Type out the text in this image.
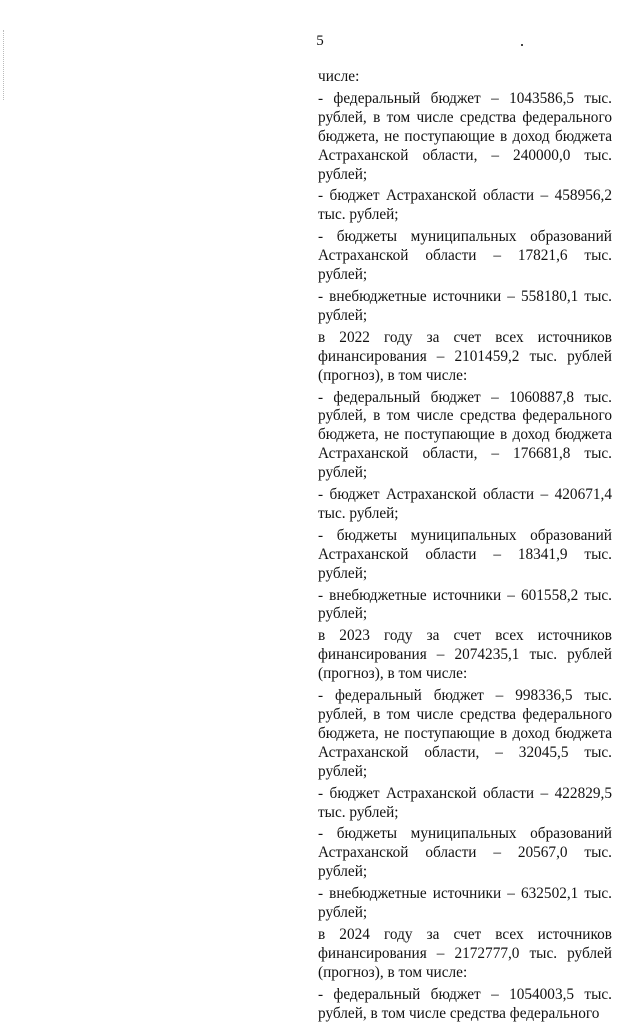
5

числе:

- федеральный бюджет – 1043586,5 тыс. рублей, в том числе средства федерального бюджета, не поступающие в доход бюджета Астраханской области, – 240000,0 тыс. рублей;

- бюджет Астраханской области – 458956,2 тыс. рублей;

- бюджеты муниципальных образований Астраханской области – 17821,6 тыс. рублей;

- внебюджетные источники – 558180,1 тыс. рублей;

в 2022 году за счет всех источников финансирования – 2101459,2 тыс. рублей (прогноз), в том числе:

- федеральный бюджет – 1060887,8 тыс. рублей, в том числе средства федерального бюджета, не поступающие в доход бюджета Астраханской области, – 176681,8 тыс. рублей;

- бюджет Астраханской области – 420671,4 тыс. рублей;

- бюджеты муниципальных образований Астраханской области – 18341,9 тыс. рублей;

- внебюджетные источники – 601558,2 тыс. рублей;

в 2023 году за счет всех источников финансирования – 2074235,1 тыс. рублей (прогноз), в том числе:

- федеральный бюджет – 998336,5 тыс. рублей, в том числе средства федерального бюджета, не поступающие в доход бюджета Астраханской области, – 32045,5 тыс. рублей;

- бюджет Астраханской области – 422829,5 тыс. рублей;

- бюджеты муниципальных образований Астраханской области – 20567,0 тыс. рублей;

- внебюджетные источники – 632502,1 тыс. рублей;

в 2024 году за счет всех источников финансирования – 2172777,0 тыс. рублей (прогноз), в том числе:

- федеральный бюджет – 1054003,5 тыс. рублей, в том числе средства федерального
